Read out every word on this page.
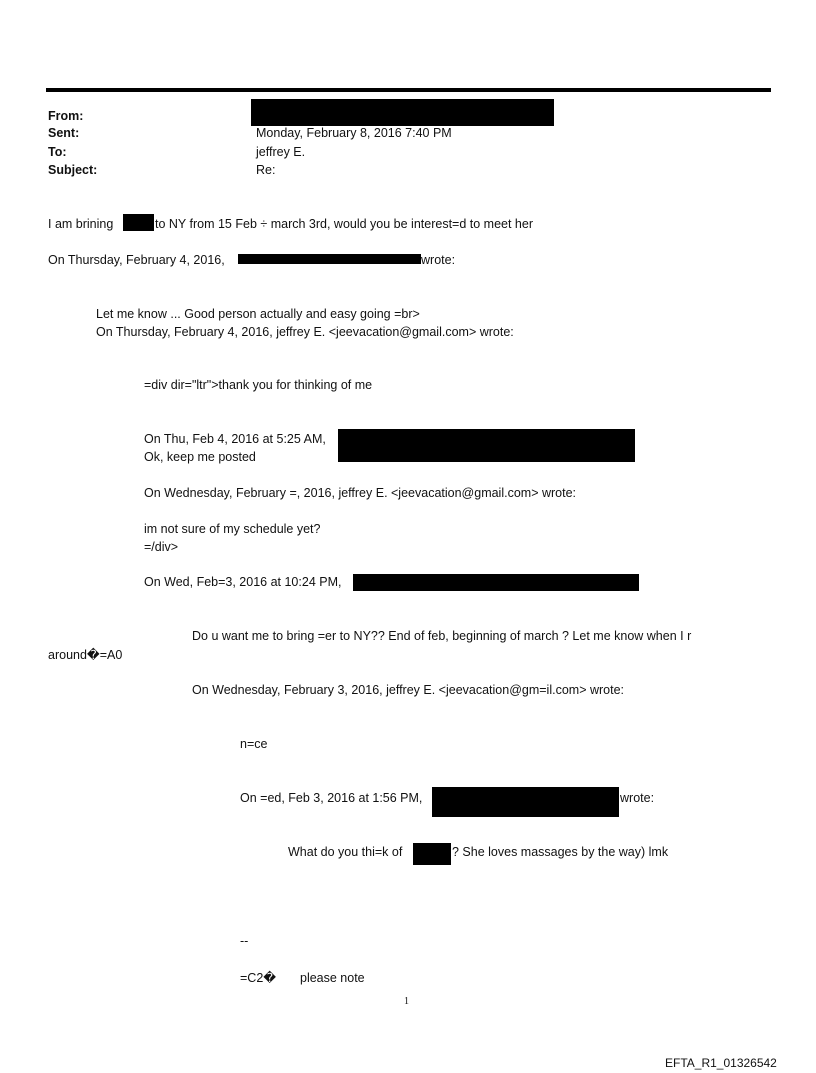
From:
Sent:	Monday, February 8, 2016 7:40 PM
To:	jeffrey E.
Subject:	Re:
I am brining	to NY from 15 Feb ÷ march 3rd, would you be interest=d to meet her
On Thursday, February 4, 2016,	wrote:
Let me know ... Good person actually and easy going =br>
On Thursday, February 4, 2016, jeffrey E. <jeevacation@gmail.com> wrote:
=div dir="ltr">thank you for thinking of me
On Thu, Feb 4, 2016 at 5:25 AM,
Ok, keep me posted
On Wednesday, February =, 2016, jeffrey E. <jeevacation@gmail.com> wrote:
im not sure of my schedule yet?
=/div>
On Wed, Feb=3, 2016 at 10:24 PM,
Do u want me to bring =er to NY?? End of feb, beginning of march ? Let me know when I r
around�=A0
On Wednesday, February 3, 2016, jeffrey E. <jeevacation@gm=il.com> wrote:
n=ce
On =ed, Feb 3, 2016 at 1:56 PM,	wrote:
What do you thi=k of	? She loves massages by the way) lmk
--
=C2� please note
1
EFTA_R1_01326542
